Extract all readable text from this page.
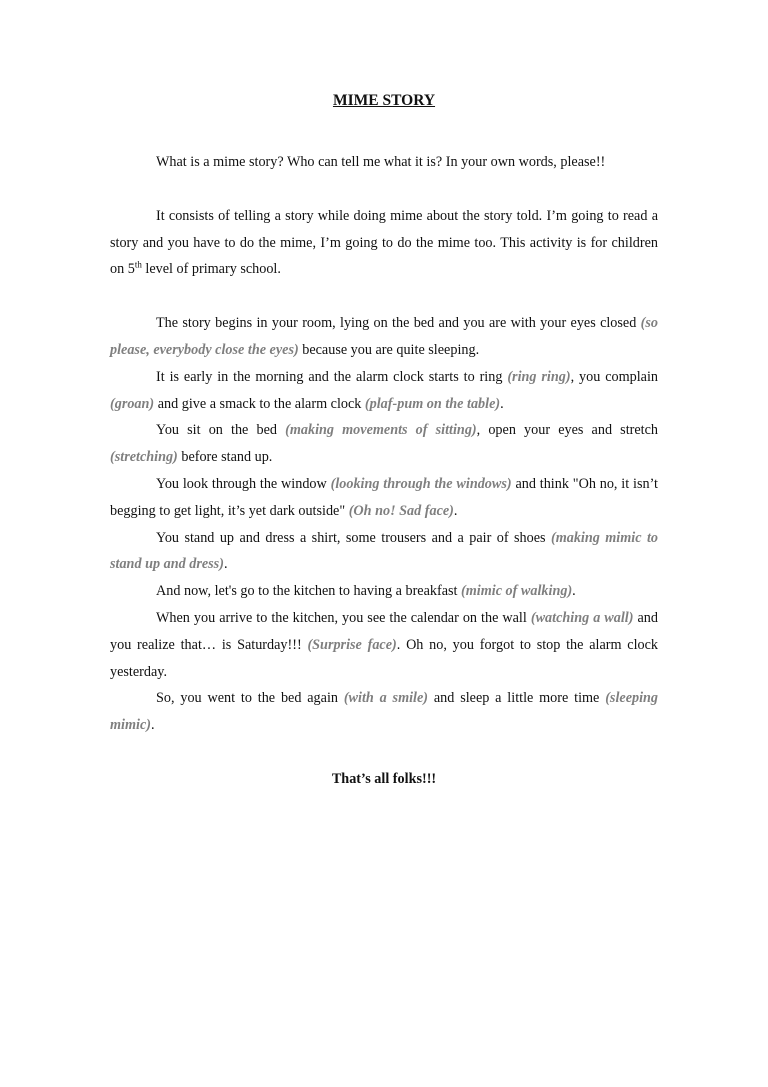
MIME STORY

What is a mime story? Who can tell me what it is? In your own words, please!!

It consists of telling a story while doing mime about the story told. I’m going to read a story and you have to do the mime, I’m going to do the mime too. This activity is for children on 5th level of primary school.

The story begins in your room, lying on the bed and you are with your eyes closed (so please, everybody close the eyes) because you are quite sleeping.

It is early in the morning and the alarm clock starts to ring (ring ring), you complain (groan) and give a smack to the alarm clock (plaf-pum on the table).

You sit on the bed (making movements of sitting), open your eyes and stretch (stretching) before stand up.

You look through the window (looking through the windows) and think "Oh no, it isn’t begging to get light, it’s yet dark outside" (Oh no! Sad face).

You stand up and dress a shirt, some trousers and a pair of shoes (making mimic to stand up and dress).

And now, let's go to the kitchen to having a breakfast (mimic of walking).

When you arrive to the kitchen, you see the calendar on the wall (watching a wall) and you realize that… is Saturday!!! (Surprise face). Oh no, you forgot to stop the alarm clock yesterday.

So, you went to the bed again (with a smile) and sleep a little more time (sleeping mimic).

That’s all folks!!!
